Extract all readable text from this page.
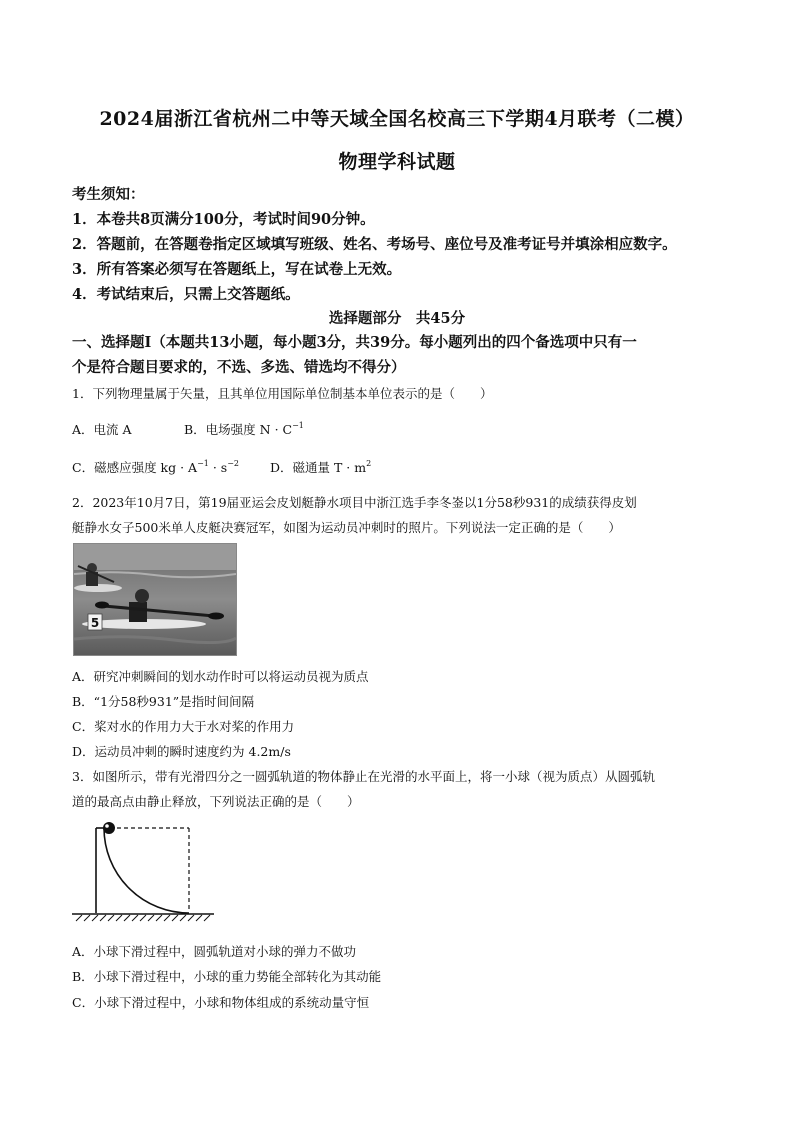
2024届浙江省杭州二中等天域全国名校高三下学期4月联考（二模）
物理学科试题
考生须知：
1．本卷共8页满分100分，考试时间90分钟。
2．答题前，在答题卷指定区域填写班级、姓名、考场号、座位号及准考证号并填涂相应数字。
3．所有答案必须写在答题纸上，写在试卷上无效。
4．考试结束后，只需上交答题纸。
选择题部分　共45分
一、选择题Ⅰ（本题共13小题，每小题3分，共39分。每小题列出的四个备选项中只有一
个是符合题目要求的，不选、多选、错选均不得分）
1．下列物理量属于矢量，且其单位用国际单位制基本单位表示的是（　　）
A．电流 A	B．电场强度 $N \cdot C^{-1}$
C．磁感应强度 kg · $A^{-1} \cdot s^{-2}$ D．磁通量 $T \cdot m^2$
2．2023年10月7日，第19届亚运会皮划艇静水项目中浙江选手李冬崟以1分58秒931的成绩获得皮划
艇静水女子500米单人皮艇决赛冠军，如图为运动员冲刺时的照片。下列说法一定正确的是（　　）
5
A．研究冲刺瞬间的划水动作时可以将运动员视为质点
B．“1分58秒931”是指时间间隔
C．桨对水的作用力大于水对桨的作用力
D．运动员冲刺的瞬时速度约为 4.2m/s
3．如图所示，带有光滑四分之一圆弧轨道的物体静止在光滑的水平面上，将一小球（视为质点）从圆弧轨
道的最高点由静止释放，下列说法正确的是（　　）
A．小球下滑过程中，圆弧轨道对小球的弹力不做功
B．小球下滑过程中，小球的重力势能全部转化为其动能
C．小球下滑过程中，小球和物体组成的系统动量守恒
